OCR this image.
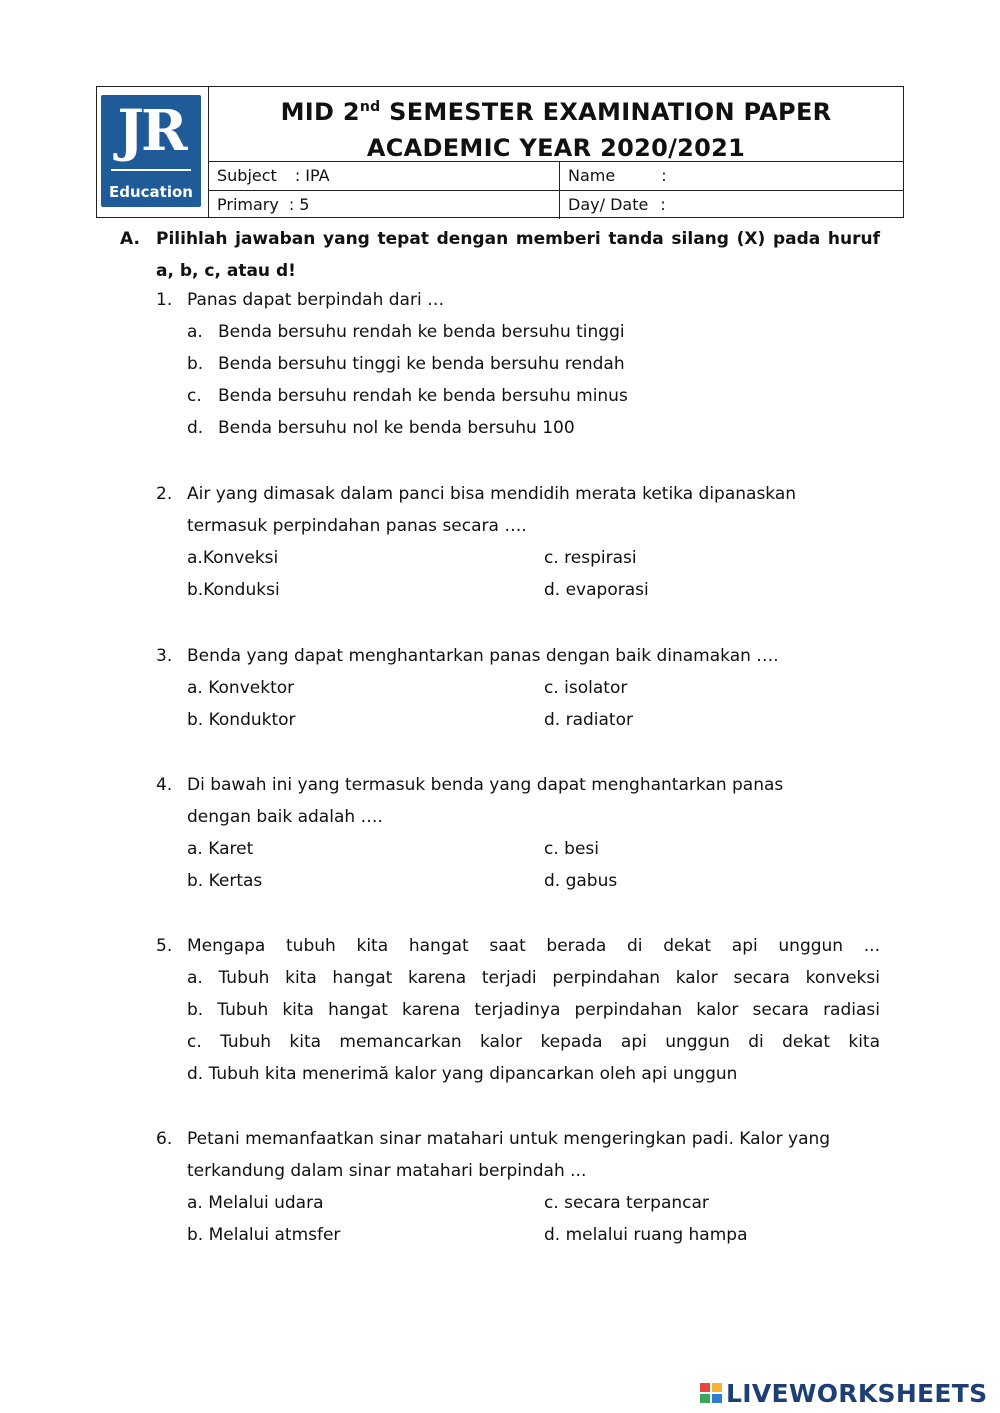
JR
Education
MID 2nd SEMESTER EXAMINATION PAPER
ACADEMIC YEAR 2020/2021
Subject : IPA	Name	:
Primary : 5	Day/ Date :
A. Pilihlah jawaban yang tepat dengan memberi tanda silang (X) pada huruf a, b, c, atau d!
1. Panas dapat berpindah dari …
a. Benda bersuhu rendah ke benda bersuhu tinggi
b. Benda bersuhu tinggi ke benda bersuhu rendah
c. Benda bersuhu rendah ke benda bersuhu minus
d. Benda bersuhu nol ke benda bersuhu 100
2. Air yang dimasak dalam panci bisa mendidih merata ketika dipanaskan
termasuk perpindahan panas secara ….
a.Konveksi	c. respirasi
b.Konduksi	d. evaporasi
3. Benda yang dapat menghantarkan panas dengan baik dinamakan ….
a. Konvektor	c. isolator
b. Konduktor	d. radiator
4. Di bawah ini yang termasuk benda yang dapat menghantarkan panas
dengan baik adalah ….
a. Karet	c. besi
b. Kertas	d. gabus
5. Mengapa tubuh kita hangat saat berada di dekat api unggun ...
a. Tubuh kita hangat karena terjadi perpindahan kalor secara konveksi
b. Tubuh kita hangat karena terjadinya perpindahan kalor secara radiasi
c. Tubuh kita memancarkan kalor kepada api unggun di dekat kita
d. Tubuh kita menerimă kalor yang dipancarkan oleh api unggun
6. Petani memanfaatkan sinar matahari untuk mengeringkan padi. Kalor yang
terkandung dalam sinar matahari berpindah ...
a. Melalui udara	c. secara terpancar
b. Melalui atmsfer	d. melalui ruang hampa
LIVEWORKSHEETS
